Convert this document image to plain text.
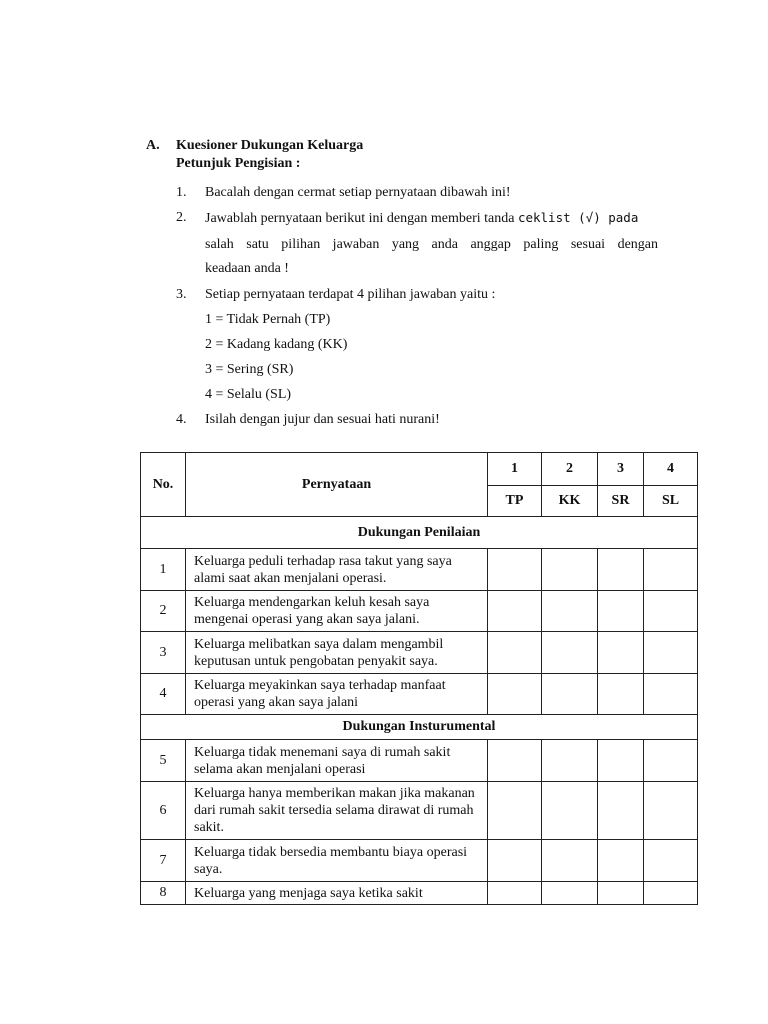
A. Kuesioner Dukungan Keluarga
Petunjuk Pengisian :
1. Bacalah dengan cermat setiap pernyataan dibawah ini!
2. Jawablah pernyataan berikut ini dengan memberi tanda ceklist (√) pada
salah satu pilihan jawaban yang anda anggap paling sesuai dengan
keadaan anda !
3. Setiap pernyataan terdapat 4 pilihan jawaban yaitu :
1 = Tidak Pernah (TP)
2 = Kadang kadang (KK)
3 = Sering (SR)
4 = Selalu (SL)
4. Isilah dengan jujur dan sesuai hati nurani!
No.	Pernyataan	1	2	3	4
		TP	KK	SR	SL
Dukungan Penilaian					
1	Keluarga peduli terhadap rasa takut yang saya alami saat akan menjalani operasi.				
2	Keluarga mendengarkan keluh kesah saya mengenai operasi yang akan saya jalani.				
3	Keluarga melibatkan saya dalam mengambil keputusan untuk pengobatan penyakit saya.				
4	Keluarga meyakinkan saya terhadap manfaat operasi yang akan saya jalani				
Dukungan Insturumental					
5	Keluarga tidak menemani saya di rumah sakit selama akan menjalani operasi				
6	Keluarga hanya memberikan makan jika makanan dari rumah sakit tersedia selama dirawat di rumah sakit.				
7	Keluarga tidak bersedia membantu biaya operasi saya.				
8	Keluarga yang menjaga saya ketika sakit				
